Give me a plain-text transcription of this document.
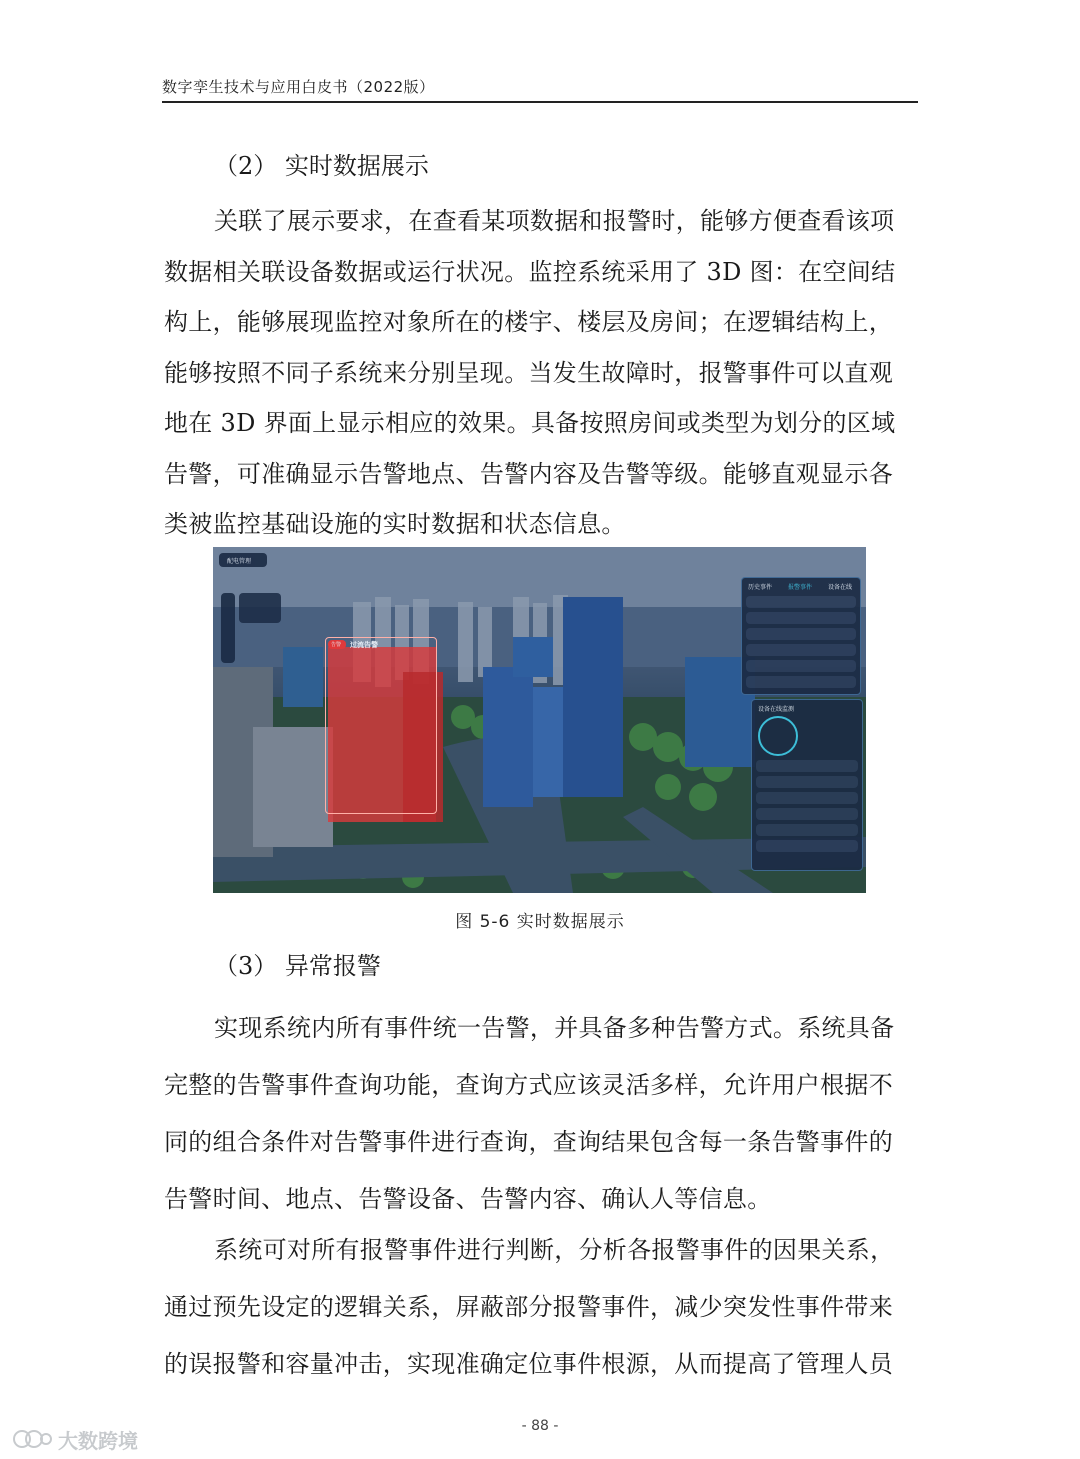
数字孪生技术与应用白皮书（2022版）
（2） 实时数据展示
关联了展示要求，在查看某项数据和报警时，能够方便查看该项
数据相关联设备数据或运行状况。监控系统采用了 3D 图：在空间结
构上，能够展现监控对象所在的楼宇、楼层及房间；在逻辑结构上，
能够按照不同子系统来分别呈现。当发生故障时，报警事件可以直观
地在 3D 界面上显示相应的效果。具备按照房间或类型为划分的区域
告警，可准确显示告警地点、告警内容及告警等级。能够直观显示各
类被监控基础设施的实时数据和状态信息。
配电管理
告警 过流告警
历史事件	报警事件	设备在线
设备在线监测
图 5-6 实时数据展示
（3） 异常报警
实现系统内所有事件统一告警，并具备多种告警方式。系统具备
完整的告警事件查询功能，查询方式应该灵活多样，允许用户根据不
同的组合条件对告警事件进行查询，查询结果包含每一条告警事件的
告警时间、地点、告警设备、告警内容、确认人等信息。
系统可对所有报警事件进行判断，分析各报警事件的因果关系，
通过预先设定的逻辑关系，屏蔽部分报警事件，减少突发性事件带来
的误报警和容量冲击，实现准确定位事件根源，从而提高了管理人员
- 88 -
大数跨境
